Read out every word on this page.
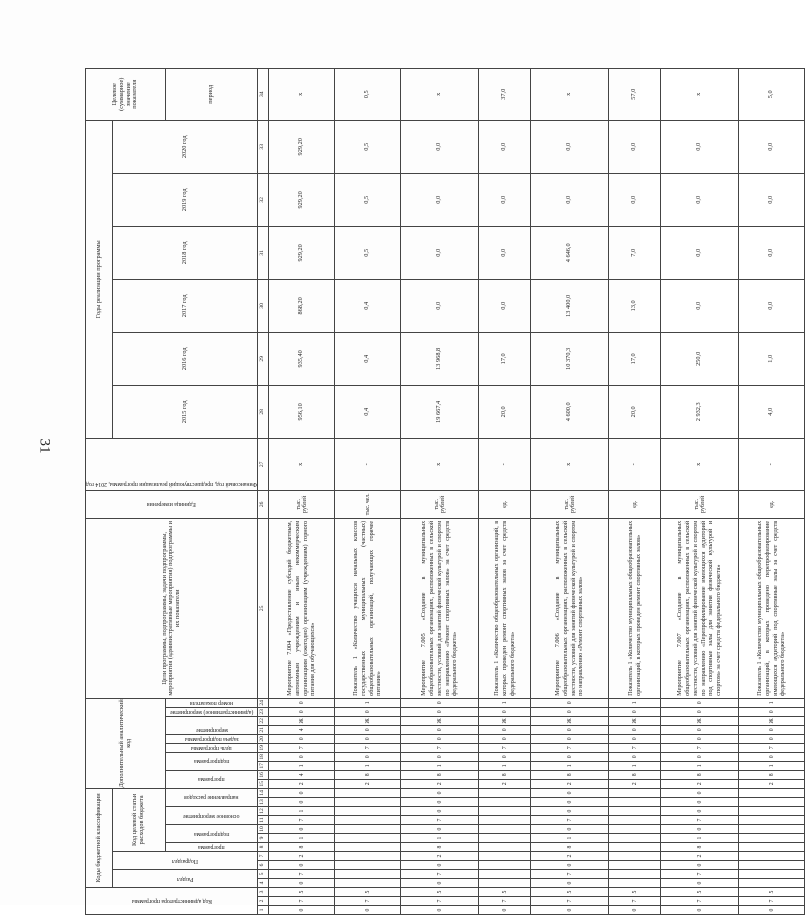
31
Код администратора программы			Коды бюджетной классификации											Дополнительный аналитический код										Цели программы, подпрограммы, задачи подпрограммы, мероприятия (административные мероприятия) подпрограммы и их показатели	Единица измерения	Финансовый год, предшествующий реализации программы, 2014 год	Годы реализации программы						Целевое (суммарное) значение показателя	

			Раздел		Подраздел		Код целевой статьи расходов бюджета																				2015 год	2016 год	2017 год	2018 год	2019 год	2020 год		

							программа	подпрограмма		основное мероприятие		направление расходов		программа		подпрограмма		цель программы	задача подпрограммы	мероприятие		(административное) мероприятие	номер показателя										период	
1	2	3	4	5	6	7	8	9	10	11	12	13	14	15	16	17	18	19	20	21	22	23	24	25	26	27	28	29	30	31	32	33	34			
0	7	5	0	7	0	2	8	1	0	7	1	0	0	2	4	1	0	7	0	4	Ж	0	0	Мероприятие 7.004 «Предоставление субсидий бюджетным, автономным учреждениям и иным некоммерческим организациям (ежегодно) организациям (учреждениям) горного питания для обучающихся»	тыс. рублей	х	956,10	935,40	868,20	929,20	929,20	929,20	х	
0	7	5												2	8	1	0	7	0	0	Ж	0	1	Показатель 1 «Количество учащихся начальных классов государственных муниципальных (частных) общеобразовательных организаций, получающих горячее питание»	тыс. чел.	-	0,4	0,4	0,4	0,5	0,5	0,5	0,5	
0	7	5	0	7	0	2	8	1	0	7	0	0	0	2	8	1	0	7	0	0	Ж	0	0	Мероприятие 7.005 «Создание в муниципальных общеобразовательных организациях, расположенных в сельской местности, условий для занятий физической культурой и спортом по направлению «Ремонт спортивных залов» за счет средств федерального бюджета»	тыс. рублей	х	19 667,4	13 968,8	0,0	0,0	0,0	0,0	х	
0	7	5												2	8	1	0	7	0	0	Ж	0	1	Показатель 1 «Количество общеобразовательных организаций, в которых проведен ремонт спортивных залов за счет средств федерального бюджета»	ед.	-	20,0	17,0	0,0	0,0	0,0	0,0	37,0	
0	7	5	0	7	0	2	8	1	0	7	0	0	0	2	8	1	0	7	0	0	Ж	0	0	Мероприятие 7.006 «Создание в муниципальных общеобразовательных организациях, расположенных в сельской местности, условий для занятий физической культурой и спортом по направлению «Ремонт спортивных залов»	тыс. рублей	х	4 600,0	10 370,3	13 400,0	4 646,0	0,0	0,0	х	
0	7	5												2	8	1	0	7	0	0	Ж	0	1	Показатель 1 «Количество муниципальных общеобразовательных организаций, в которых проведен ремонт спортивных залов»	ед.	-	20,0	17,0	13,0	7,0	0,0	0,0	57,0	
0	7	5	0	7	0	2	8	1	0	7	0	0	0	2	8	1	0	7	0	0	Ж	0	0	Мероприятие 7.007 «Создание в муниципальных общеобразовательных организациях, расположенных в сельской местности, условий для занятий физической культурой и спортом по направлению «Перепрофилирование имеющихся аудиторий под спортивные залы для занятия физической культурой и спортом» за счет средств федерального бюджета»	тыс. рублей	х	2 932,3	250,0	0,0	0,0	0,0	0,0	х	
0	7	5												2	8	1	0	7	0	0	Ж	0	1	Показатель 1 «Количество муниципальных общеобразовательных организаций, в которых проведено перепрофилирование имеющихся аудиторий под спортивные залы за счет средств федерального бюджета»	ед.	-	4,0	1,0	0,0	0,0	0,0	0,0	5,0	
